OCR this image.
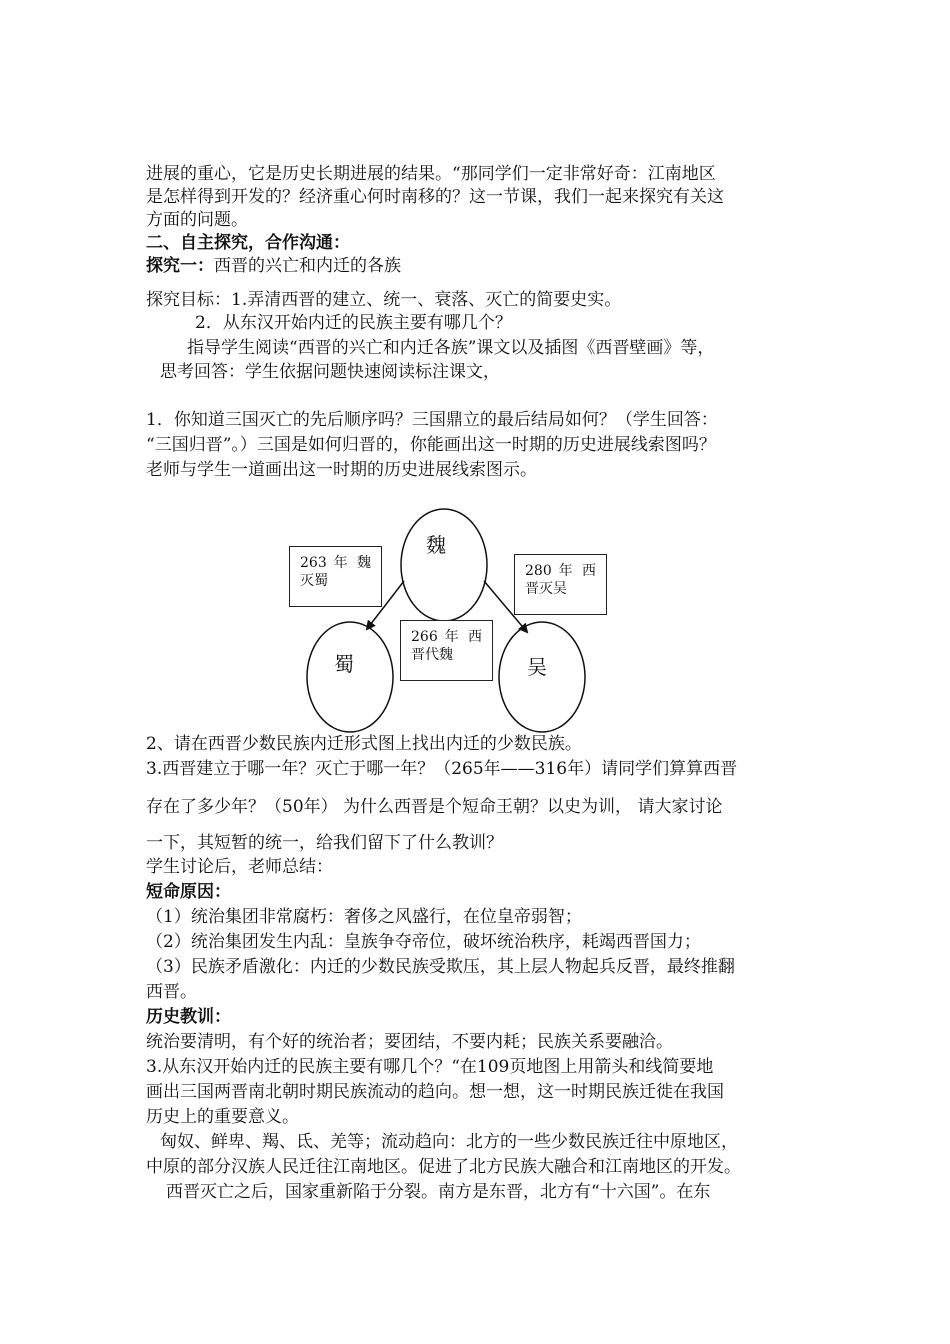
进展的重心，它是历史长期进展的结果。“那同学们一定非常好奇：江南地区
是怎样得到开发的？经济重心何时南移的？这一节课，我们一起来探究有关这
方面的问题。
二、自主探究，合作沟通：
探究一：西晋的兴亡和内迁的各族
探究目标：1.弄清西晋的建立、统一、衰落、灭亡的简要史实。
2．从东汉开始内迁的民族主要有哪几个？
指导学生阅读“西晋的兴亡和内迁各族”课文以及插图《西晋壁画》等，
思考回答：学生依据问题快速阅读标注课文，
1．你知道三国灭亡的先后顺序吗？三国鼎立的最后结局如何？（学生回答：
“三国归晋”。）三国是如何归晋的，你能画出这一时期的历史进展线索图吗？
老师与学生一道画出这一时期的历史进展线索图示。
魏
蜀	吴
263 年 魏灭蜀
280 年 西晋灭吴
266 年 西晋代魏
2、请在西晋少数民族内迁形式图上找出内迁的少数民族。
3.西晋建立于哪一年？灭亡于哪一年？（265年——316年）请同学们算算西晋
存在了多少年？（50年） 为什么西晋是个短命王朝？以史为训， 请大家讨论
一下，其短暂的统一，给我们留下了什么教训？
学生讨论后，老师总结：
短命原因：
（1）统治集团非常腐朽：奢侈之风盛行，在位皇帝弱智；
（2）统治集团发生内乱：皇族争夺帝位，破坏统治秩序，耗竭西晋国力；
（3）民族矛盾激化：内迁的少数民族受欺压，其上层人物起兵反晋，最终推翻
西晋。
历史教训：
统治要清明，有个好的统治者；要团结，不要内耗；民族关系要融洽。
3.从东汉开始内迁的民族主要有哪几个？“在109页地图上用箭头和线简要地
画出三国两晋南北朝时期民族流动的趋向。想一想，这一时期民族迁徙在我国
历史上的重要意义。
匈奴、鲜卑、羯、氐、羌等；流动趋向：北方的一些少数民族迁往中原地区，
中原的部分汉族人民迁往江南地区。促进了北方民族大融合和江南地区的开发。
西晋灭亡之后，国家重新陷于分裂。南方是东晋，北方有“十六国”。在东
